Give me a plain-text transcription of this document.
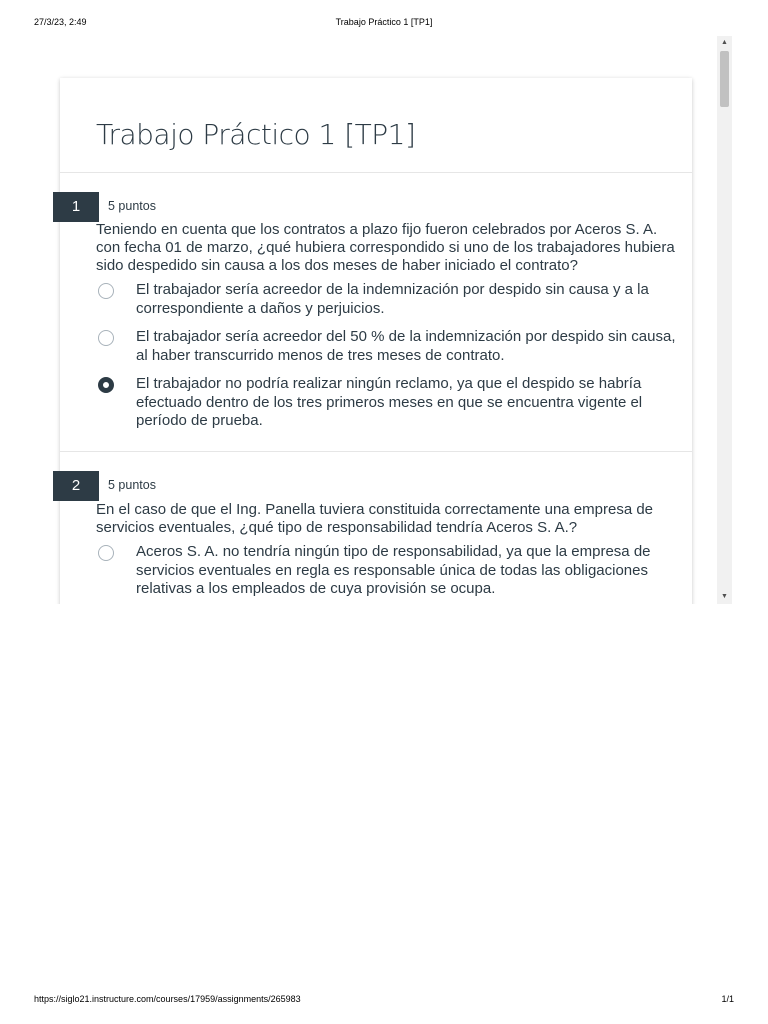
27/3/23, 2:49	Trabajo Práctico 1 [TP1]
Trabajo Práctico 1 [TP1]
1	5 puntos

Teniendo en cuenta que los contratos a plazo fijo fueron celebrados por Aceros S. A. con fecha 01 de marzo, ¿qué hubiera correspondido si uno de los trabajadores hubiera sido despedido sin causa a los dos meses de haber iniciado el contrato?

El trabajador sería acreedor de la indemnización por despido sin causa y a la correspondiente a daños y perjuicios.
El trabajador sería acreedor del 50 % de la indemnización por despido sin causa, al haber transcurrido menos de tres meses de contrato.
El trabajador no podría realizar ningún reclamo, ya que el despido se habría efectuado dentro de los tres primeros meses en que se encuentra vigente el período de prueba.
2	5 puntos

En el caso de que el Ing. Panella tuviera constituida correctamente una empresa de servicios eventuales, ¿qué tipo de responsabilidad tendría Aceros S. A.?

Aceros S. A. no tendría ningún tipo de responsabilidad, ya que la empresa de servicios eventuales en regla es responsable única de todas las obligaciones relativas a los empleados de cuya provisión se ocupa.
▲
▼
https://siglo21.instructure.com/courses/17959/assignments/265983	1/1
